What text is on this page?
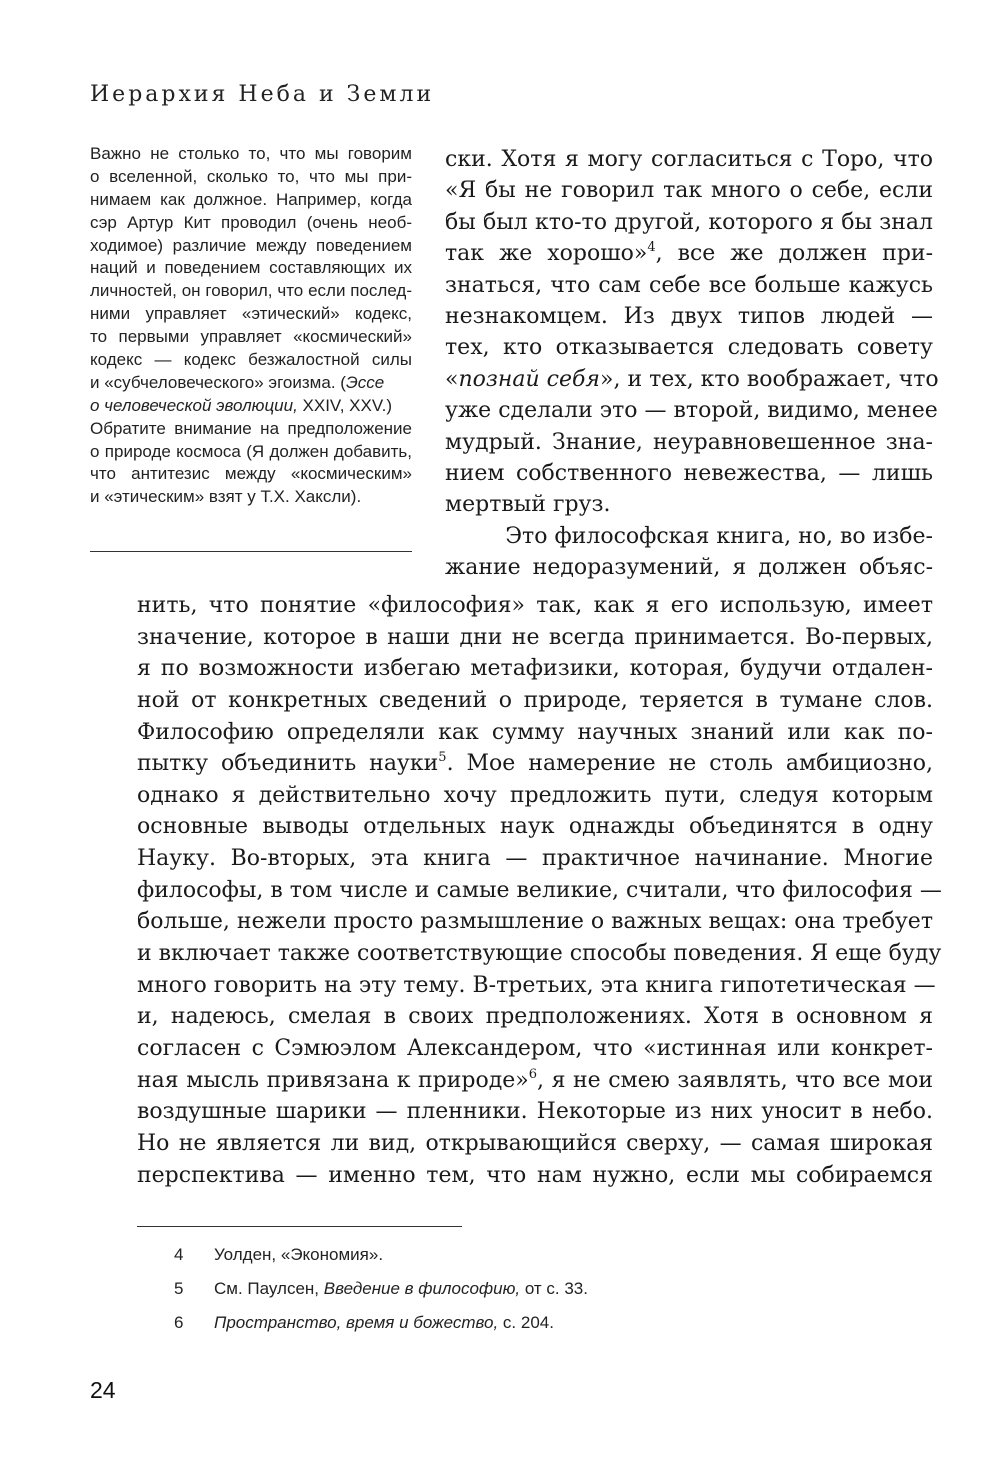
Иерархия Неба и Земли
Важно не столько то, что мы говорим
о вселенной, сколько то, что мы при-
нимаем как должное. Например, когда
сэр Артур Кит проводил (очень необ-
ходимое) различие между поведением
наций и поведением составляющих их
личностей, он говорил, что если послед-
ними управляет «этический» кодекс,
то первыми управляет «космический»
кодекс — кодекс безжалостной силы
и «субчеловеческого» эгоизма. (Эссе
о человеческой эволюции, XXIV, XXV.)
Обратите внимание на предположение
о природе космоса (Я должен добавить,
что антитезис между «космическим»
и «этическим» взят у Т.Х. Хаксли).
ски. Хотя я могу согласиться с Торо, что
«Я бы не говорил так много о себе, если
бы был кто-то другой, которого я бы знал
так же хорошо»$^4$, все же должен при-
знаться, что сам себе все больше кажусь
незнакомцем. Из двух типов людей —
тех, кто отказывается следовать совету
«познай себя», и тех, кто воображает, что
уже сделали это — второй, видимо, менее
мудрый. Знание, неуравновешенное зна-
нием собственного невежества, — лишь
мертвый груз.
Это философская книга, но, во избе-
жание недоразумений, я должен объяс-
нить, что понятие «философия» так, как я его использую, имеет
значение, которое в наши дни не всегда принимается. Во-первых,
я по возможности избегаю метафизики, которая, будучи отдален-
ной от конкретных сведений о природе, теряется в тумане слов.
Философию определяли как сумму научных знаний или как по-
пытку объединить науки$^5$. Мое намерение не столь амбициозно,
однако я действительно хочу предложить пути, следуя которым
основные выводы отдельных наук однажды объединятся в одну
Науку. Во-вторых, эта книга — практичное начинание. Многие
философы, в том числе и самые великие, считали, что философия —
больше, нежели просто размышление о важных вещах: она требует
и включает также соответствующие способы поведения. Я еще буду
много говорить на эту тему. В-третьих, эта книга гипотетическая —
и, надеюсь, смелая в своих предположениях. Хотя в основном я
согласен с Сэмюэлом Александером, что «истинная или конкрет-
ная мысль привязана к природе»$^6$, я не смею заявлять, что все мои
воздушные шарики — пленники. Некоторые из них уносит в небо.
Но не является ли вид, открывающийся сверху, — самая широкая
перспектива — именно тем, что нам нужно, если мы собираемся
4	Уолден, «Экономия».
5	См. Паулсен, Введение в философию, от с. 33.
6	Пространство, время и божество, с. 204.
24
